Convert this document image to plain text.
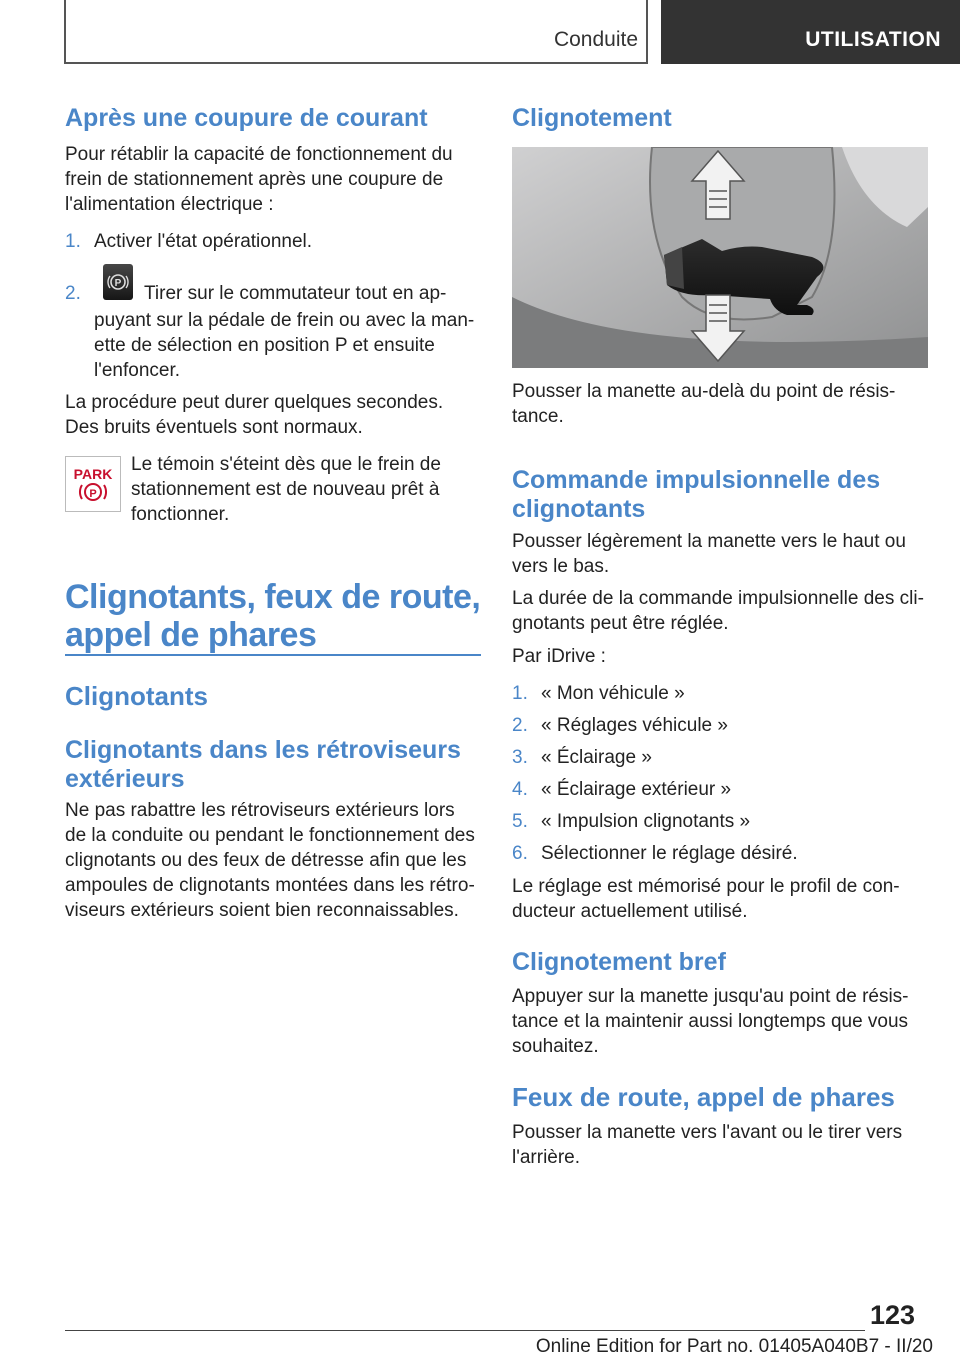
Conduite	UTILISATION
Après une coupure de courant

Pour rétablir la capacité de fonctionnement du frein de stationnement après une coupure de l'alimentation électrique :

1. Activer l'état opérationnel.
2.	P Tirer sur le commutateur tout en ap-

puyant sur la pédale de frein ou avec la man- ette de sélection en position P et ensuite l'enfoncer.

La procédure peut durer quelques secondes. Des bruits éventuels sont normaux.

PARK
P

Le témoin s'éteint dès que le frein de stationnement est de nouveau prêt à fonctionner.

Clignotants, feux de route, appel de phares
Clignotants
Clignotants dans les rétroviseurs extérieurs

Ne pas rabattre les rétroviseurs extérieurs lors de la conduite ou pendant le fonctionnement des clignotants ou des feux de détresse afin que les ampoules de clignotants montées dans les rétro- viseurs extérieurs soient bien reconnaissables.

Clignotement

Pousser la manette au-delà du point de résis- tance.

Commande impulsionnelle des clignotants

Pousser légèrement la manette vers le haut ou vers le bas.

La durée de la commande impulsionnelle des cli- gnotants peut être réglée.

Par iDrive :

1. « Mon véhicule »
2. « Réglages véhicule »
3. « Éclairage »
4. « Éclairage extérieur »
5. « Impulsion clignotants »
6. Sélectionner le réglage désiré.

Le réglage est mémorisé pour le profil de con- ducteur actuellement utilisé.

Clignotement bref

Appuyer sur la manette jusqu'au point de résis- tance et la maintenir aussi longtemps que vous souhaitez.

Feux de route, appel de phares

Pousser la manette vers l'avant ou le tirer vers l'arrière.

123
Online Edition for Part no. 01405A040B7 - II/20
